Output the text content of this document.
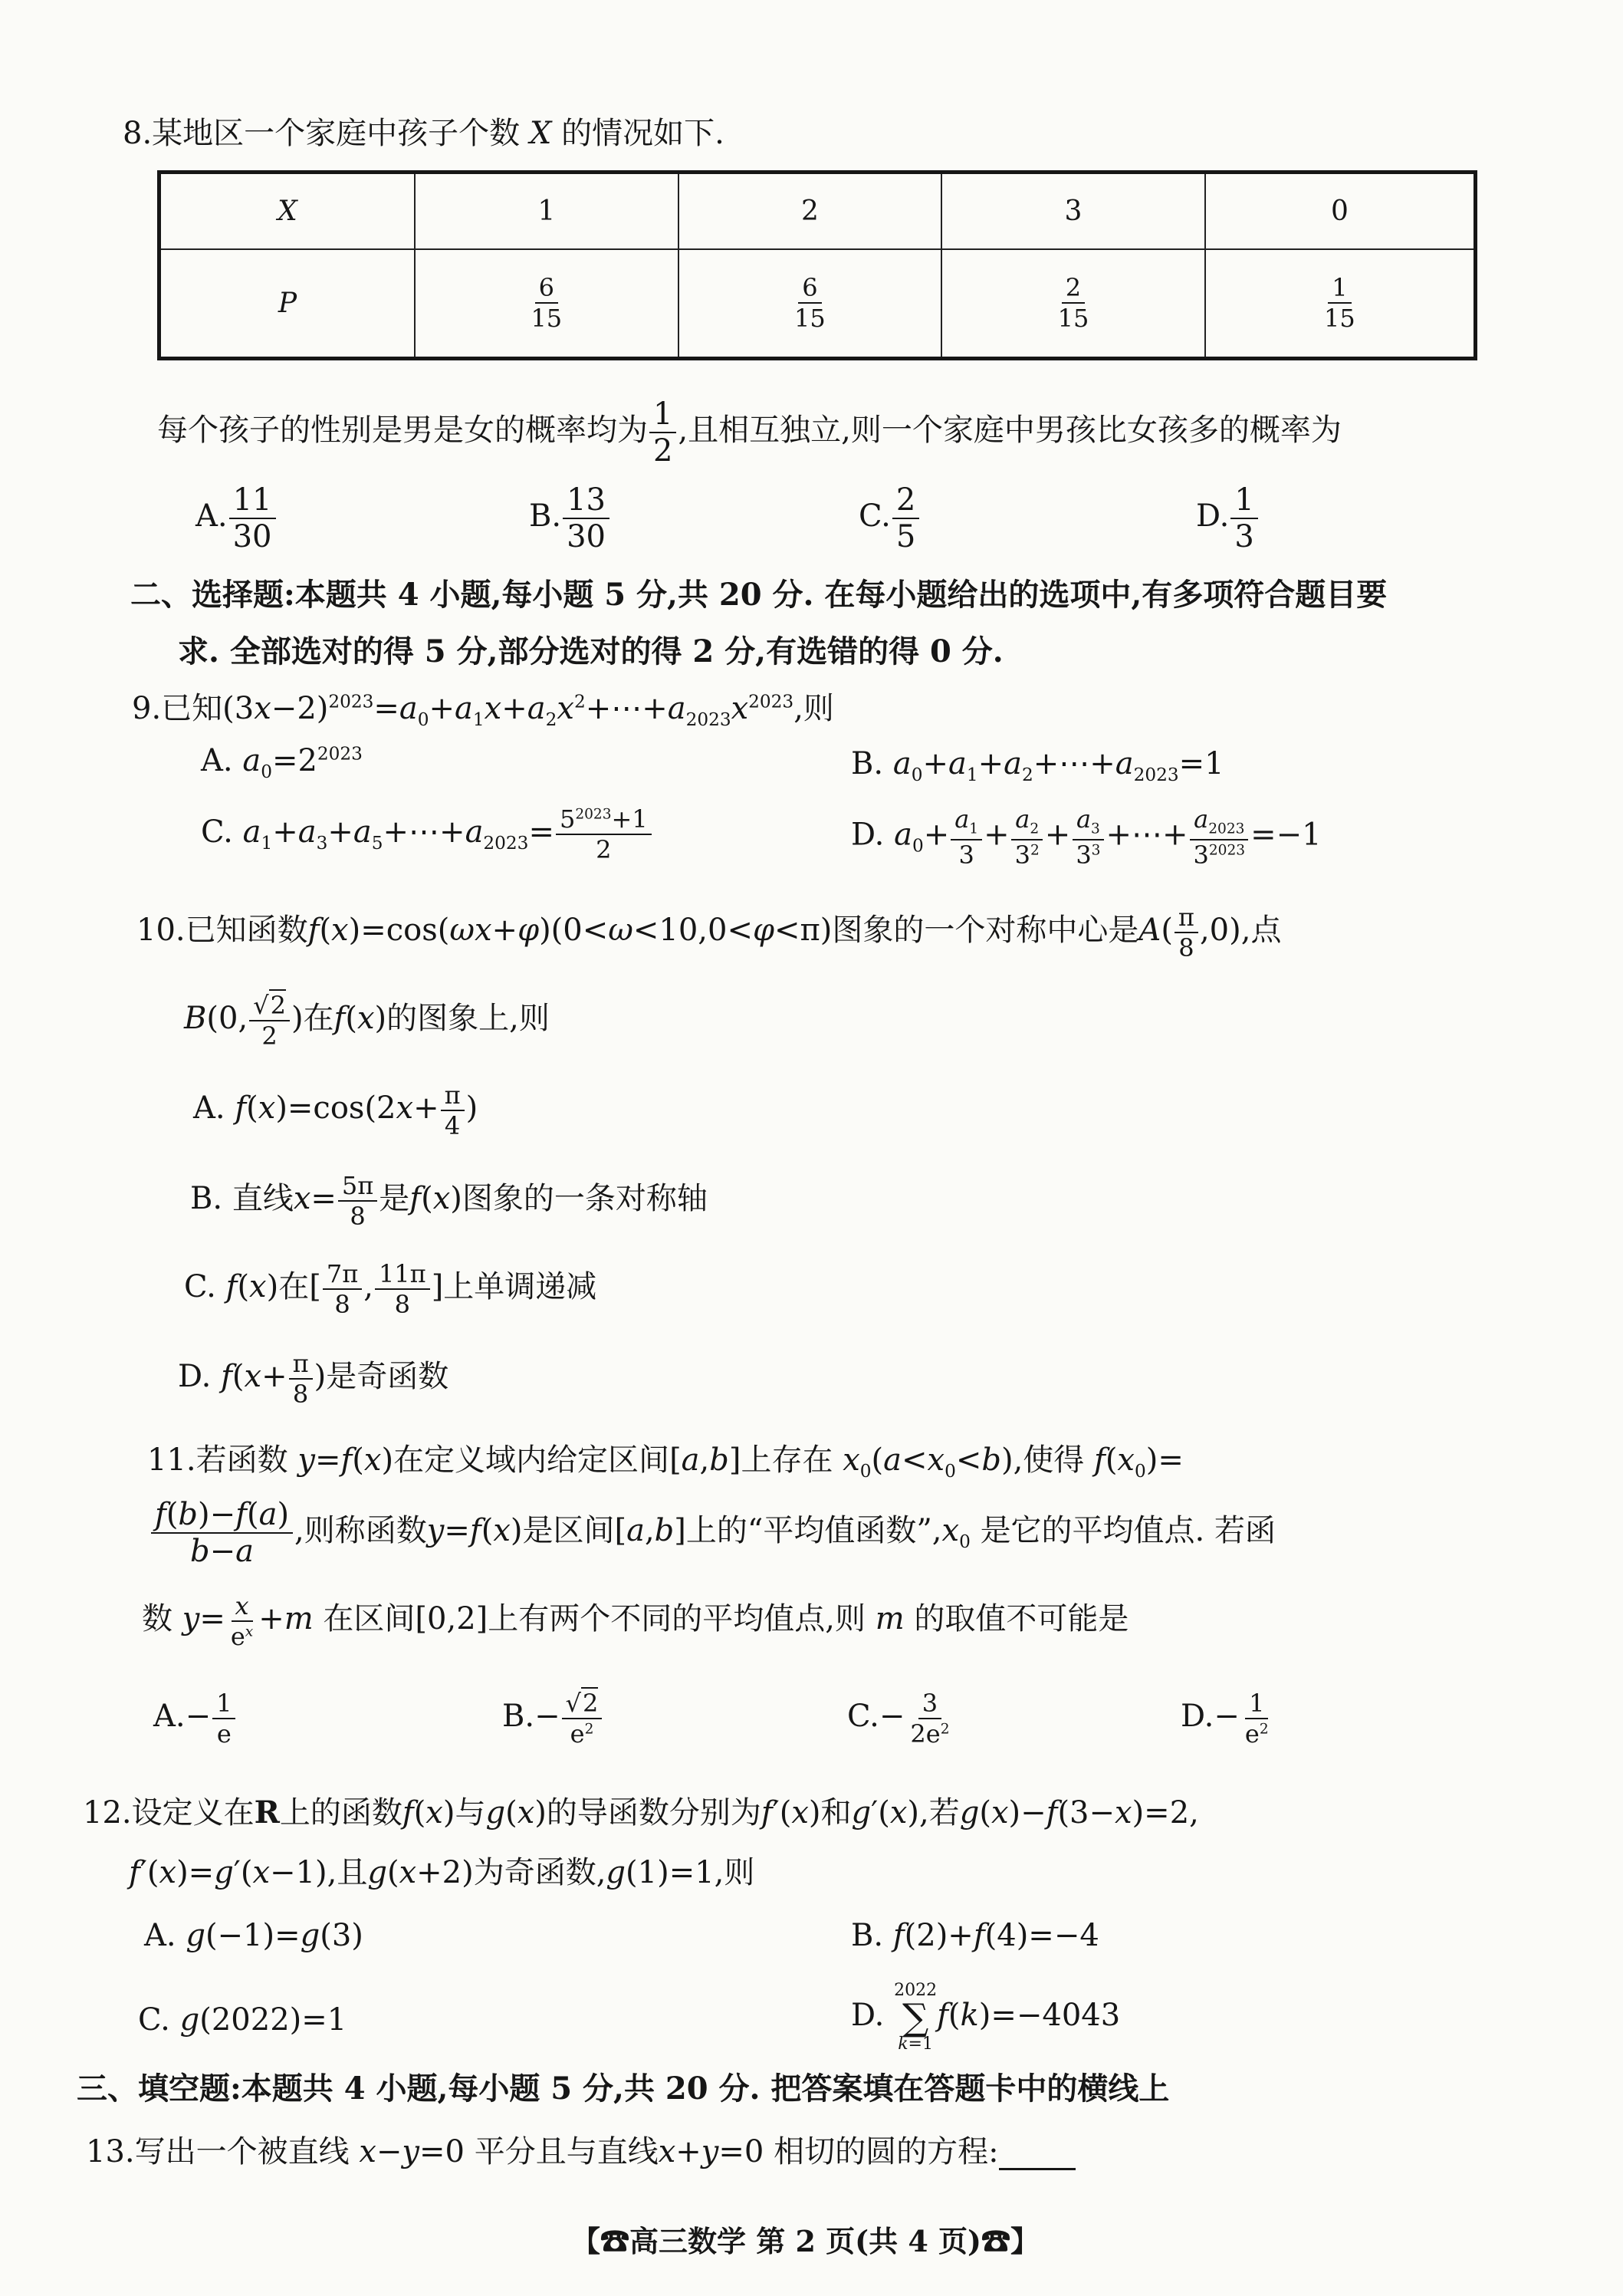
8.某地区一个家庭中孩子个数 X 的情况如下.
X	1	2	3	0
P	$\frac{6}{15}$	$\frac{6}{15}$	$\frac{2}{15}$	$\frac{1}{15}$
每个孩子的性别是男是女的概率均为 $\frac{1}{2}$ ,且相互独立,则一个家庭中男孩比女孩多的概率为
A. $\frac{11}{30}$	B. $\frac{13}{30}$	C. $\frac{2}{5}$	D. $\frac{1}{3}$
二、选择题:本题共 4 小题,每小题 5 分,共 20 分. 在每小题给出的选项中,有多项符合题目要
求. 全部选对的得 5 分,部分选对的得 2 分,有选错的得 0 分.
9.已知$(3x-2)^{2023}=a_0+a_1x+a_2x^2+\cdots+a_{2023}x^{2023}$,则
A. $a_0=2^{2023}$	B. $a_0+a_1+a_2+\cdots+a_{2023}=1$
C. $a_1+a_3+a_5+\cdots+a_{2023}= \frac{5^{2023}+1}{2}$	D. $a_0+ \frac{a_1}{3} + \frac{a_2}{3^2} + \frac{a_3}{3^3}$ +⋯+ $\frac{a_{2023}}{3^{2023}} =-1$
10.已知函数f(x)=cos(ωx+φ)(0<ω<10,0<φ<π)图象的一个对称中心是$A( \frac{\pi}{8} ,0)$,点
B(0, $\frac{√2}{2}$ )在f(x)的图象上,则
A. $f(x)=\cos(2x+ \frac{\pi}{4}$ )
B. 直线$x= \frac{5\pi}{8}$ 是f(x)图象的一条对称轴
C. f(x)在[ $\frac{7\pi}{8}$ , $\frac{11\pi}{8}$ ]上单调递减
D. $f(x+ \frac{\pi}{8}$ )是奇函数
11.若函数 y=f(x)在定义域内给定区间[a,b]上存在 $x_0(a<x_0<b)$,使得 $f(x_0)=$
$\frac{f(b)-f(a)}{b-a}$ ,则称函数y=f(x)是区间[a,b]上的“平均值函数$”,x_0$ 是它的平均值点. 若函
数 $y= \frac{x}{e^x} +m$ 在区间[0,2]上有两个不同的平均值点,则 m 的取值不可能是
$A.- \frac{1}{e}$	$B.- \frac{√2}{e^2}$	$C.- \frac{3}{2e^2}$	$D.- \frac{1}{e^2}$
12.设定义在R上的函数f(x)与g(x)的导函数分别为f′(x)和g′(x),若g(x)−f(3−x)=2,
f′(x)=g′(x−1),且g(x+2)为奇函数,g(1)=1,则
A. g(−1)=g(3)	B. f(2)+f(4)=−4
C. g(2022)=1	D.
2022
∑
k=1
f(k)=−4043
三、填空题:本题共 4 小题,每小题 5 分,共 20 分. 把答案填在答题卡中的横线上
13.写出一个被直线 x−y=0 平分且与直线x+y=0 相切的圆的方程:
【☎高三数学 第 2 页(共 4 页)☎】
